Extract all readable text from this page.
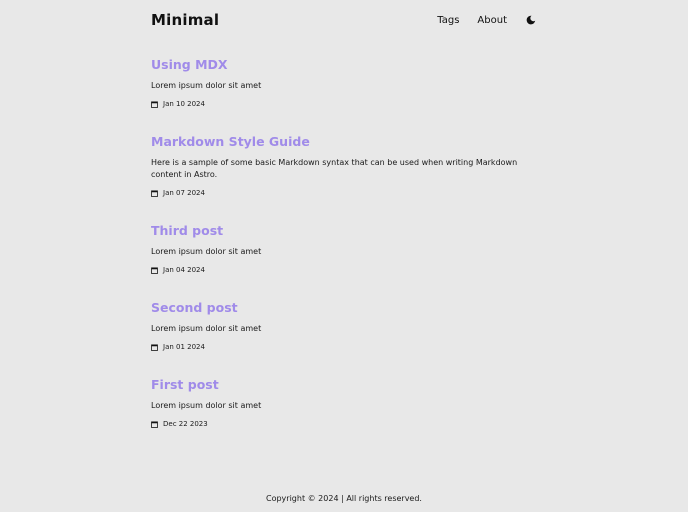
Minimal	Tags About
Using MDX
Lorem ipsum dolor sit amet
Jan 10 2024
Markdown Style Guide
Here is a sample of some basic Markdown syntax that can be used when writing Markdown content in Astro.
Jan 07 2024
Third post
Lorem ipsum dolor sit amet
Jan 04 2024
Second post
Lorem ipsum dolor sit amet
Jan 01 2024
First post
Lorem ipsum dolor sit amet
Dec 22 2023
Copyright © 2024 | All rights reserved.
